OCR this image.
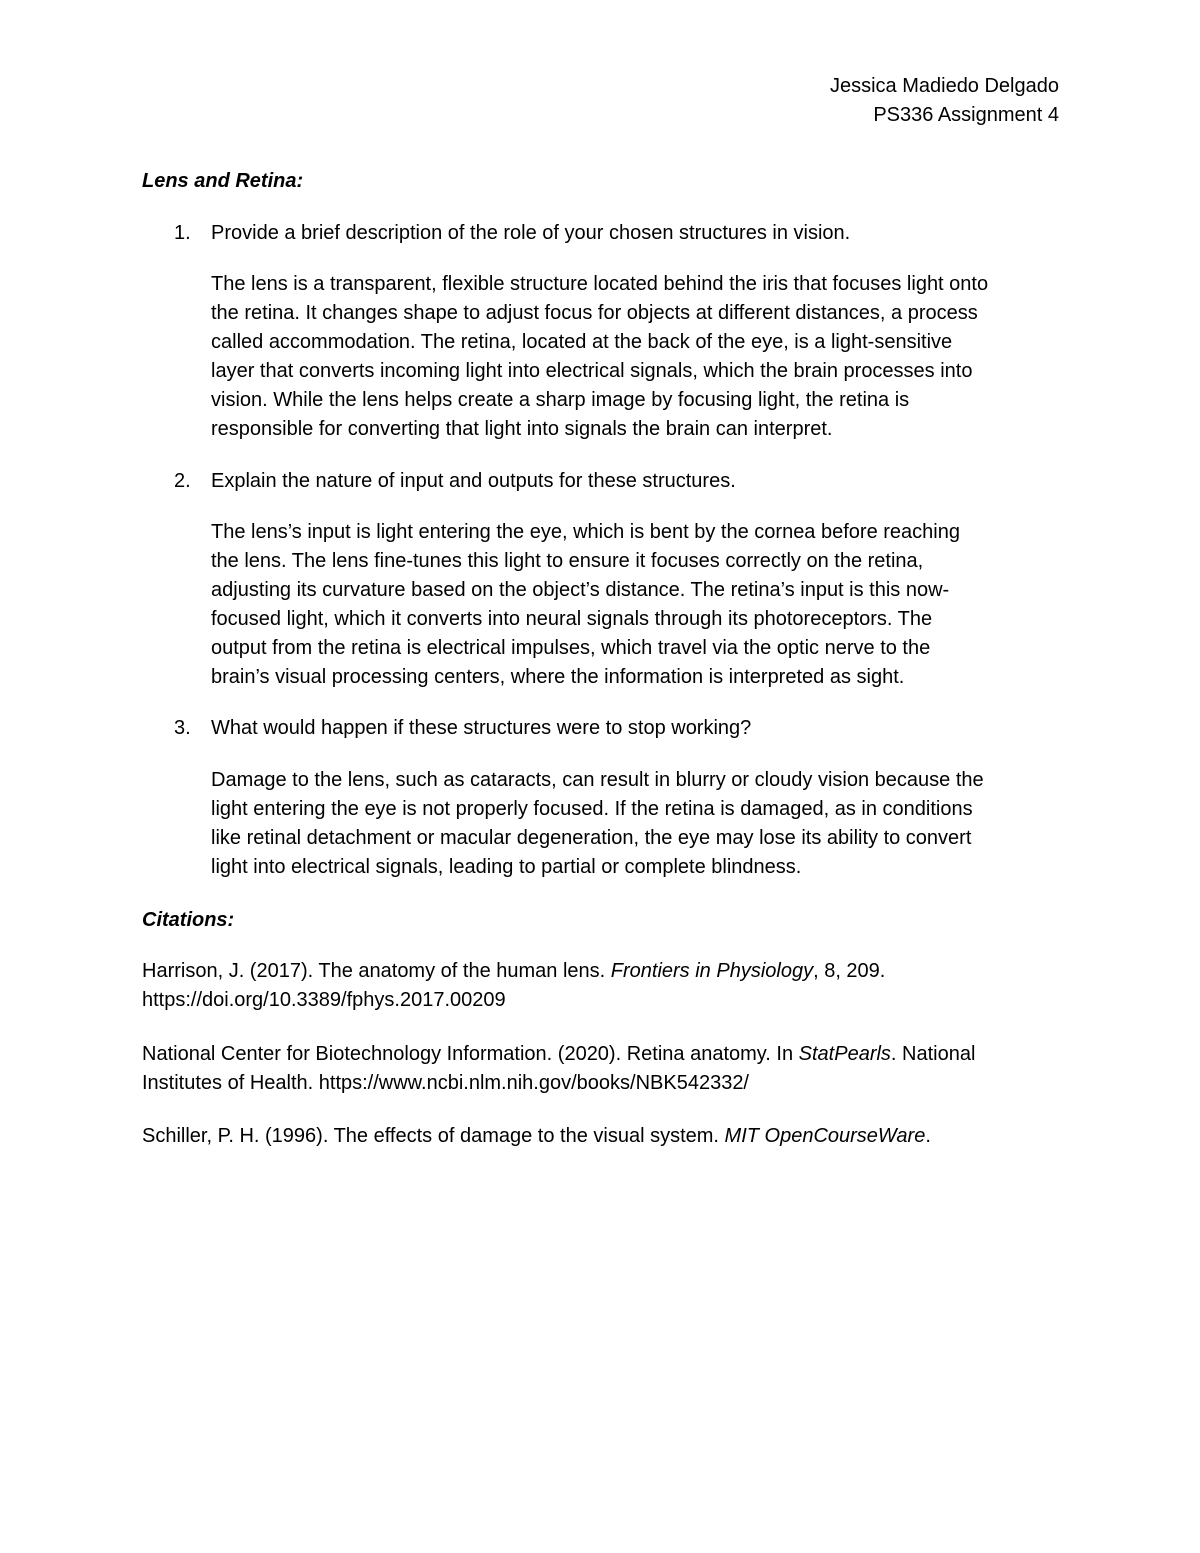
Jessica Madiedo Delgado
PS336 Assignment 4
Lens and Retina:
1. Provide a brief description of the role of your chosen structures in vision.
The lens is a transparent, flexible structure located behind the iris that focuses light onto
the retina. It changes shape to adjust focus for objects at different distances, a process
called accommodation. The retina, located at the back of the eye, is a light-sensitive
layer that converts incoming light into electrical signals, which the brain processes into
vision. While the lens helps create a sharp image by focusing light, the retina is
responsible for converting that light into signals the brain can interpret.
2. Explain the nature of input and outputs for these structures.
The lens’s input is light entering the eye, which is bent by the cornea before reaching
the lens. The lens fine-tunes this light to ensure it focuses correctly on the retina,
adjusting its curvature based on the object’s distance. The retina’s input is this now-
focused light, which it converts into neural signals through its photoreceptors. The
output from the retina is electrical impulses, which travel via the optic nerve to the
brain’s visual processing centers, where the information is interpreted as sight.
3. What would happen if these structures were to stop working?
Damage to the lens, such as cataracts, can result in blurry or cloudy vision because the
light entering the eye is not properly focused. If the retina is damaged, as in conditions
like retinal detachment or macular degeneration, the eye may lose its ability to convert
light into electrical signals, leading to partial or complete blindness.
Citations:
Harrison, J. (2017). The anatomy of the human lens. Frontiers in Physiology, 8, 209.
https://doi.org/10.3389/fphys.2017.00209
National Center for Biotechnology Information. (2020). Retina anatomy. In StatPearls. National
Institutes of Health. https://www.ncbi.nlm.nih.gov/books/NBK542332/
Schiller, P. H. (1996). The effects of damage to the visual system. MIT OpenCourseWare.
